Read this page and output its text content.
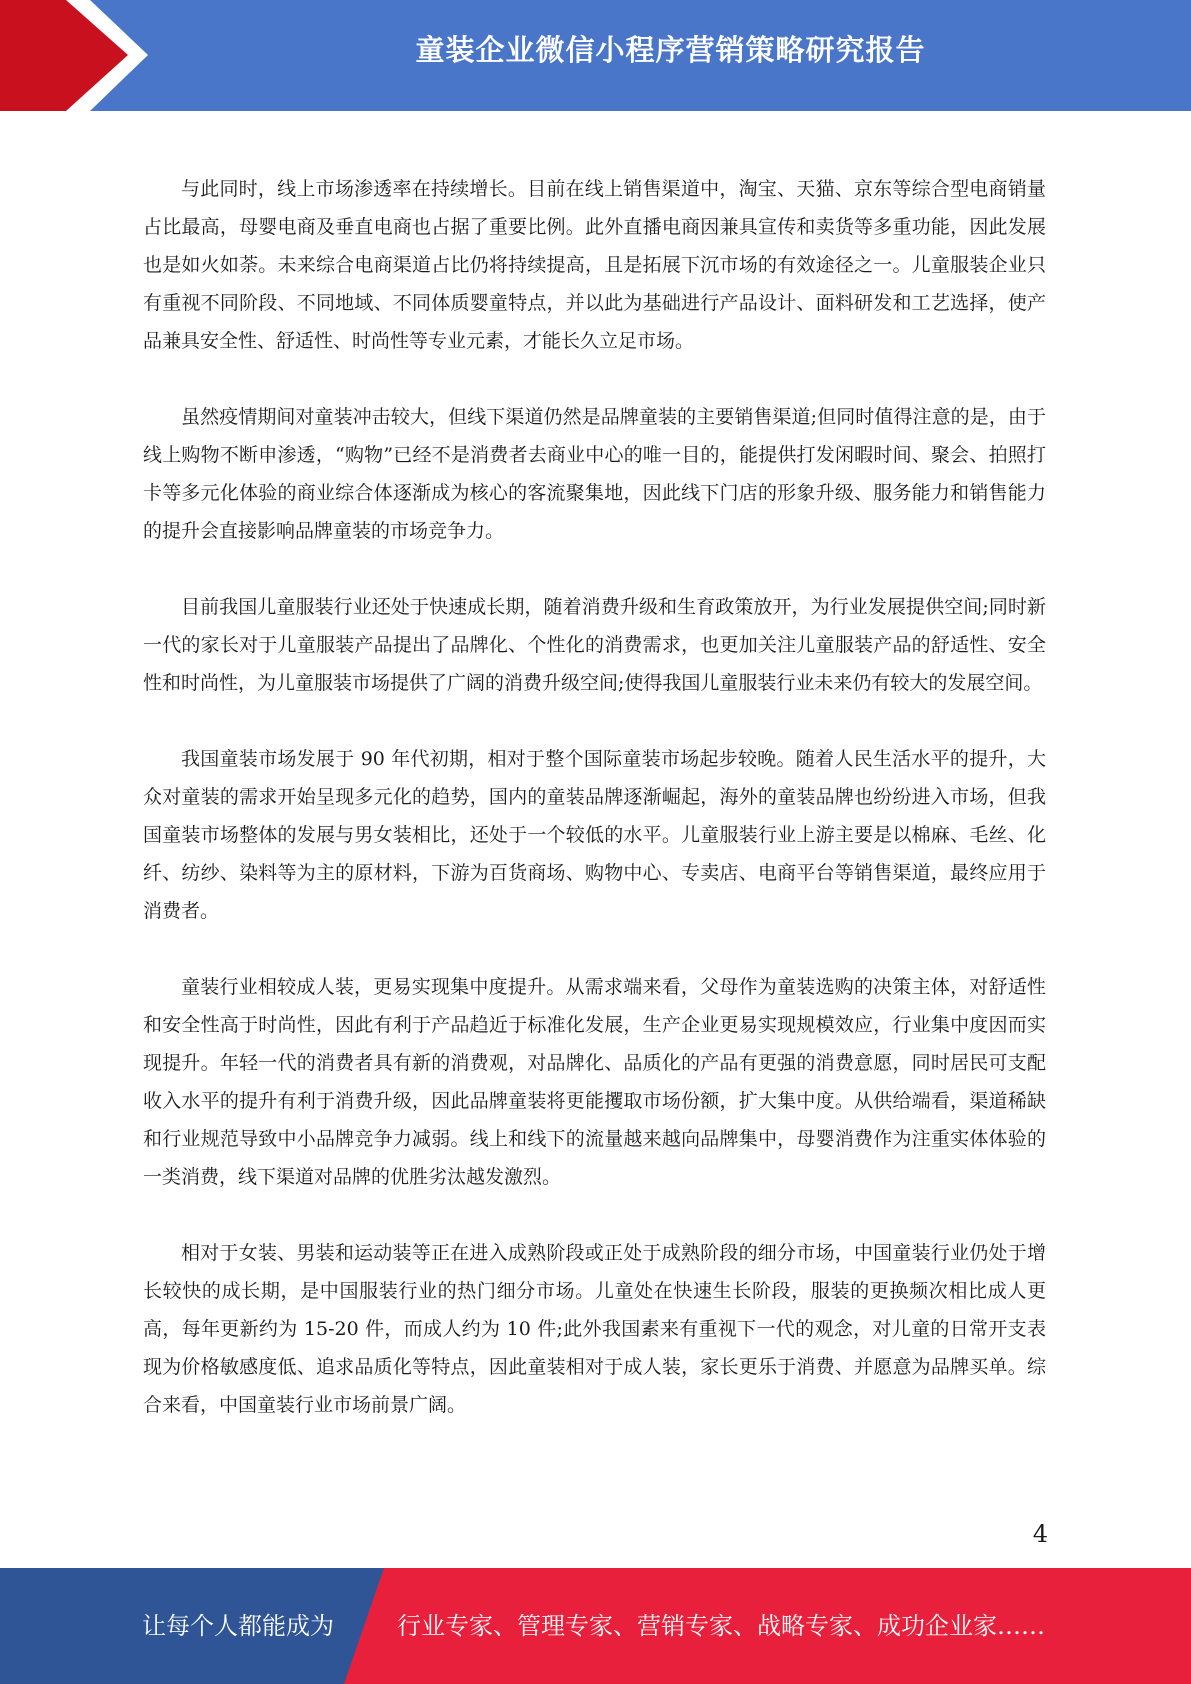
童装企业微信小程序营销策略研究报告

与此同时，线上市场渗透率在持续增长。目前在线上销售渠道中，淘宝、天猫、京东等综合型电商销量占比最高，母婴电商及垂直电商也占据了重要比例。此外直播电商因兼具宣传和卖货等多重功能，因此发展也是如火如荼。未来综合电商渠道占比仍将持续提高，且是拓展下沉市场的有效途径之一。儿童服装企业只有重视不同阶段、不同地域、不同体质婴童特点，并以此为基础进行产品设计、面料研发和工艺选择，使产品兼具安全性、舒适性、时尚性等专业元素，才能长久立足市场。

虽然疫情期间对童装冲击较大，但线下渠道仍然是品牌童装的主要销售渠道;但同时值得注意的是，由于线上购物不断申渗透，“购物”已经不是消费者去商业中心的唯一目的，能提供打发闲暇时间、聚会、拍照打卡等多元化体验的商业综合体逐渐成为核心的客流聚集地，因此线下门店的形象升级、服务能力和销售能力的提升会直接影响品牌童装的市场竞争力。

目前我国儿童服装行业还处于快速成长期，随着消费升级和生育政策放开，为行业发展提供空间;同时新一代的家长对于儿童服装产品提出了品牌化、个性化的消费需求，也更加关注儿童服装产品的舒适性、安全性和时尚性，为儿童服装市场提供了广阔的消费升级空间;使得我国儿童服装行业未来仍有较大的发展空间。

我国童装市场发展于 90 年代初期，相对于整个国际童装市场起步较晚。随着人民生活水平的提升，大众对童装的需求开始呈现多元化的趋势，国内的童装品牌逐渐崛起，海外的童装品牌也纷纷进入市场，但我国童装市场整体的发展与男女装相比，还处于一个较低的水平。儿童服装行业上游主要是以棉麻、毛丝、化纤、纺纱、染料等为主的原材料，下游为百货商场、购物中心、专卖店、电商平台等销售渠道，最终应用于消费者。

童装行业相较成人装，更易实现集中度提升。从需求端来看，父母作为童装选购的决策主体，对舒适性和安全性高于时尚性，因此有利于产品趋近于标准化发展，生产企业更易实现规模效应，行业集中度因而实现提升。年轻一代的消费者具有新的消费观，对品牌化、品质化的产品有更强的消费意愿，同时居民可支配收入水平的提升有利于消费升级，因此品牌童装将更能攫取市场份额，扩大集中度。从供给端看，渠道稀缺和行业规范导致中小品牌竞争力减弱。线上和线下的流量越来越向品牌集中，母婴消费作为注重实体体验的一类消费，线下渠道对品牌的优胜劣汰越发激烈。

相对于女装、男装和运动装等正在进入成熟阶段或正处于成熟阶段的细分市场，中国童装行业仍处于增长较快的成长期，是中国服装行业的热门细分市场。儿童处在快速生长阶段，服装的更换频次相比成人更高，每年更新约为 15-20 件，而成人约为 10 件;此外我国素来有重视下一代的观念，对儿童的日常开支表现为价格敏感度低、追求品质化等特点，因此童装相对于成人装，家长更乐于消费、并愿意为品牌买单。综合来看，中国童装行业市场前景广阔。

4
让每个人都能成为	行业专家、管理专家、营销专家、战略专家、成功企业家……
